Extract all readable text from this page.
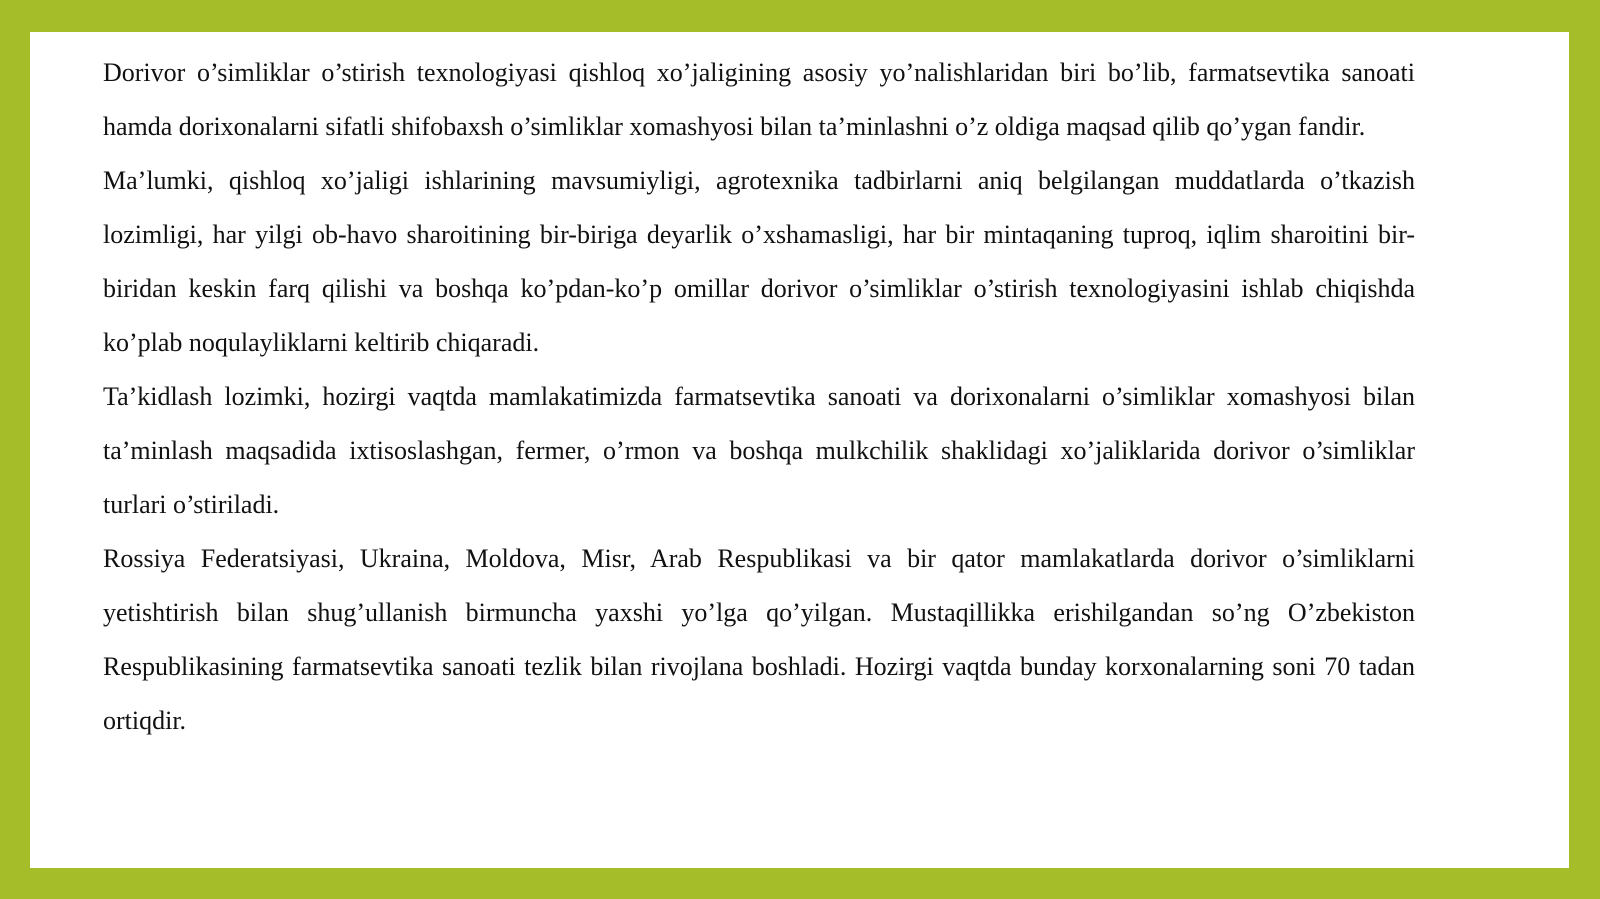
Dorivor o’simliklar o’stirish texnologiyasi qishloq xo’jaligining asosiy yo’nalishlaridan biri bo’lib, farmatsevtika sanoati hamda dorixonalarni sifatli shifobaxsh o’simliklar xomashyosi bilan ta’minlashni o’z oldiga maqsad qilib qo’ygan fandir.

Ma’lumki, qishloq xo’jaligi ishlarining mavsumiyligi, agrotexnika tadbirlarni aniq belgilangan muddatlarda o’tkazish lozimligi, har yilgi ob-havo sharoitining bir-biriga deyarlik o’xshamasligi, har bir mintaqaning tuproq, iqlim sharoitini bir-biridan keskin farq qilishi va boshqa ko’pdan-ko’p omillar dorivor o’simliklar o’stirish texnologiyasini ishlab chiqishda ko’plab noqulayliklarni keltirib chiqaradi.

Ta’kidlash lozimki, hozirgi vaqtda mamlakatimizda farmatsevtika sanoati va dorixonalarni o’simliklar xomashyosi bilan ta’minlash maqsadida ixtisoslashgan, fermer, o’rmon va boshqa mulkchilik shaklidagi xo’jaliklarida dorivor o’simliklar turlari o’stiriladi.

Rossiya Federatsiyasi, Ukraina, Moldova, Misr, Arab Respublikasi va bir qator mamlakatlarda dorivor o’simliklarni yetishtirish bilan shug’ullanish birmuncha yaxshi yo’lga qo’yilgan. Mustaqillikka erishilgandan so’ng O’zbekiston Respublikasining farmatsevtika sanoati tezlik bilan rivojlana boshladi. Hozirgi vaqtda bunday korxonalarning soni 70 tadan ortiqdir.
